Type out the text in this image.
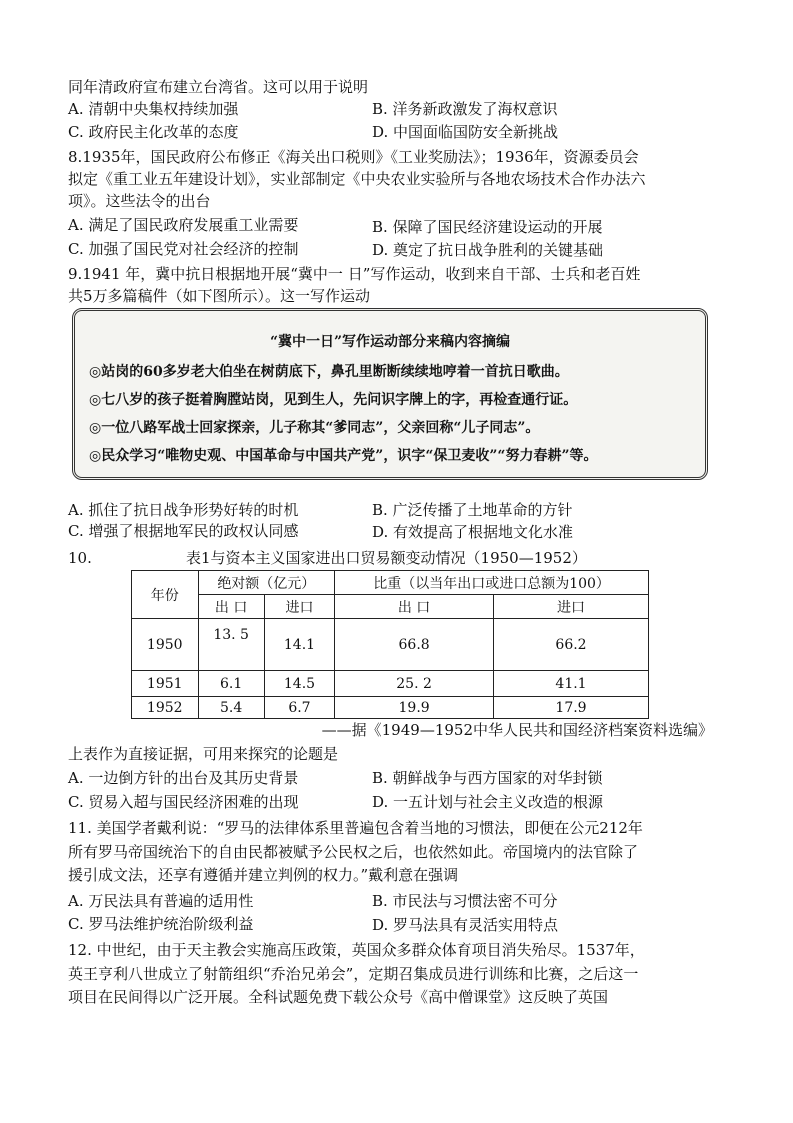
同年清政府宣布建立台湾省。这可以用于说明
A. 清朝中央集权持续加强	B. 洋务新政激发了海权意识
C. 政府民主化改革的态度	D. 中国面临国防安全新挑战
8.1935年，国民政府公布修正《海关出口税则》《工业奖励法》；1936年，资源委员会
拟定《重工业五年建设计划》，实业部制定《中央农业实验所与各地农场技术合作办法六
项》。这些法令的出台
A. 满足了国民政府发展重工业需要	B. 保障了国民经济建设运动的开展
C. 加强了国民党对社会经济的控制	D. 奠定了抗日战争胜利的关键基础
9.1941 年，冀中抗日根据地开展“冀中一 日”写作运动，收到来自干部、士兵和老百姓
共5万多篇稿件（如下图所示）。这一写作运动
“冀中一日”写作运动部分来稿内容摘编
◎站岗的60多岁老大伯坐在树荫底下，鼻孔里断断续续地哼着一首抗日歌曲。
◎七八岁的孩子挺着胸膛站岗，见到生人，先问识字牌上的字，再检查通行证。
◎一位八路军战士回家探亲，儿子称其“爹同志”，父亲回称“儿子同志”。
◎民众学习“唯物史观、中国革命与中国共产党”，识字“保卫麦收”“努力春耕”等。
A. 抓住了抗日战争形势好转的时机	B. 广泛传播了土地革命的方针
C. 增强了根据地军民的政权认同感	D. 有效提高了根据地文化水准
10.	表1与资本主义国家进出口贸易额变动情况（1950—1952）
年份	绝对额（亿元）		比重（以当年出口或进口总额为100）	
	出 口	进口	出 口	进口
1950	13. 5	14.1	66.8	66.2
1951	6.1	14.5	25. 2	41.1
1952	5.4	6.7	19.9	17.9
——据《1949—1952中华人民共和国经济档案资料选编》
上表作为直接证据，可用来探究的论题是
A. 一边倒方针的出台及其历史背景	B. 朝鲜战争与西方国家的对华封锁
C. 贸易入超与国民经济困难的出现	D. 一五计划与社会主义改造的根源
11. 美国学者戴利说：“罗马的法律体系里普遍包含着当地的习惯法，即便在公元212年
所有罗马帝国统治下的自由民都被赋予公民权之后，也依然如此。帝国境内的法官除了
援引成文法，还享有遵循并建立判例的权力。”戴利意在强调
A. 万民法具有普遍的适用性	B. 市民法与习惯法密不可分
C. 罗马法维护统治阶级利益	D. 罗马法具有灵活实用特点
12. 中世纪，由于天主教会实施高压政策，英国众多群众体育项目消失殆尽。1537年，
英王亨利八世成立了射箭组织“乔治兄弟会”，定期召集成员进行训练和比赛，之后这一
项目在民间得以广泛开展。全科试题免费下载公众号《高中僧课堂》这反映了英国
